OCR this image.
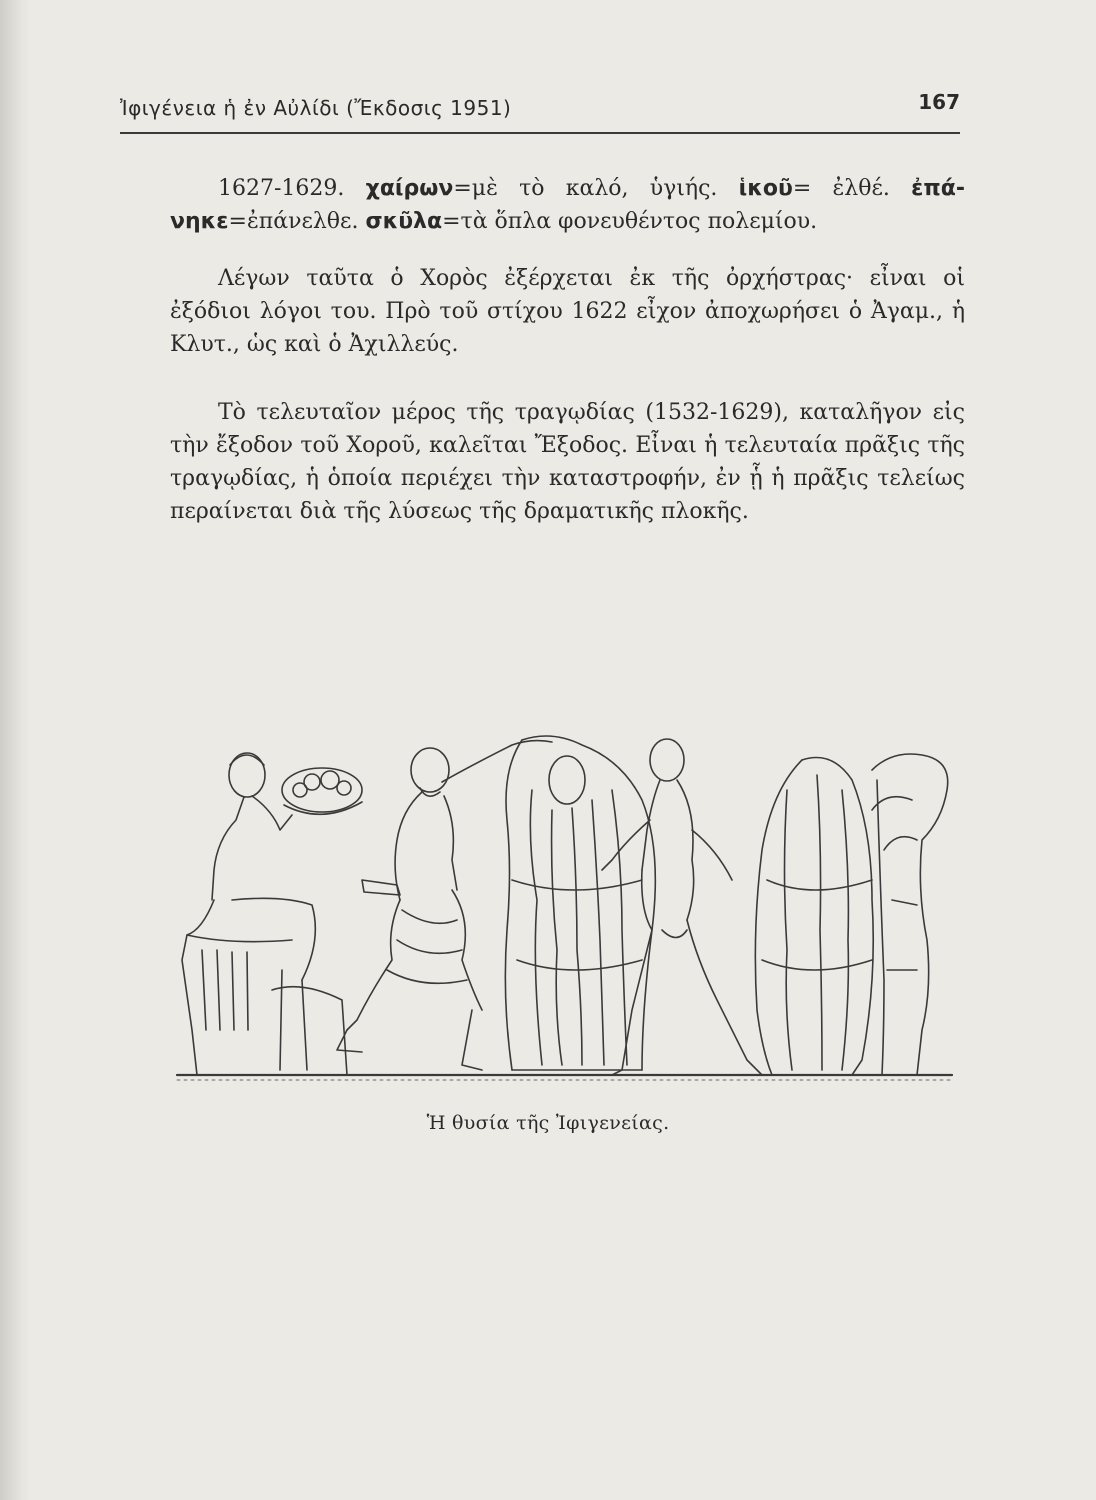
Ἰφιγένεια ἡ ἐν Αὐλίδι (Ἔκδοσις 1951)	167
1627-1629. χαίρων=μὲ τὸ καλό, ὑγιής. ἱκοῦ= ἐλθέ. ἐπά- νηκε=ἐπάνελθε. σκῦλα=τὰ ὅπλα φονευθέντος πολεμίου.
Λέγων ταῦτα ὁ Χορὸς ἐξέρχεται ἐκ τῆς ὀρχήστρας· εἶναι οἱ ἐξόδιοι λόγοι του. Πρὸ τοῦ στίχου 1622 εἶχον ἀποχωρήσει ὁ Ἀγαμ., ἡ Κλυτ., ὡς καὶ ὁ Ἀχιλλεύς.
Τὸ τελευταῖον μέρος τῆς τραγῳδίας (1532-1629), καταλῆγον εἰς τὴν ἔξοδον τοῦ Χοροῦ, καλεῖται Ἔξοδος. Εἶναι ἡ τελευταία πρᾶξις τῆς τραγῳδίας, ἡ ὁποία περιέχει τὴν καταστροφήν, ἐν ᾗ ἡ πρᾶξις τελείως περαίνεται διὰ τῆς λύσεως τῆς δραματικῆς πλοκῆς.
Ἡ θυσία τῆς Ἰφιγενείας.
